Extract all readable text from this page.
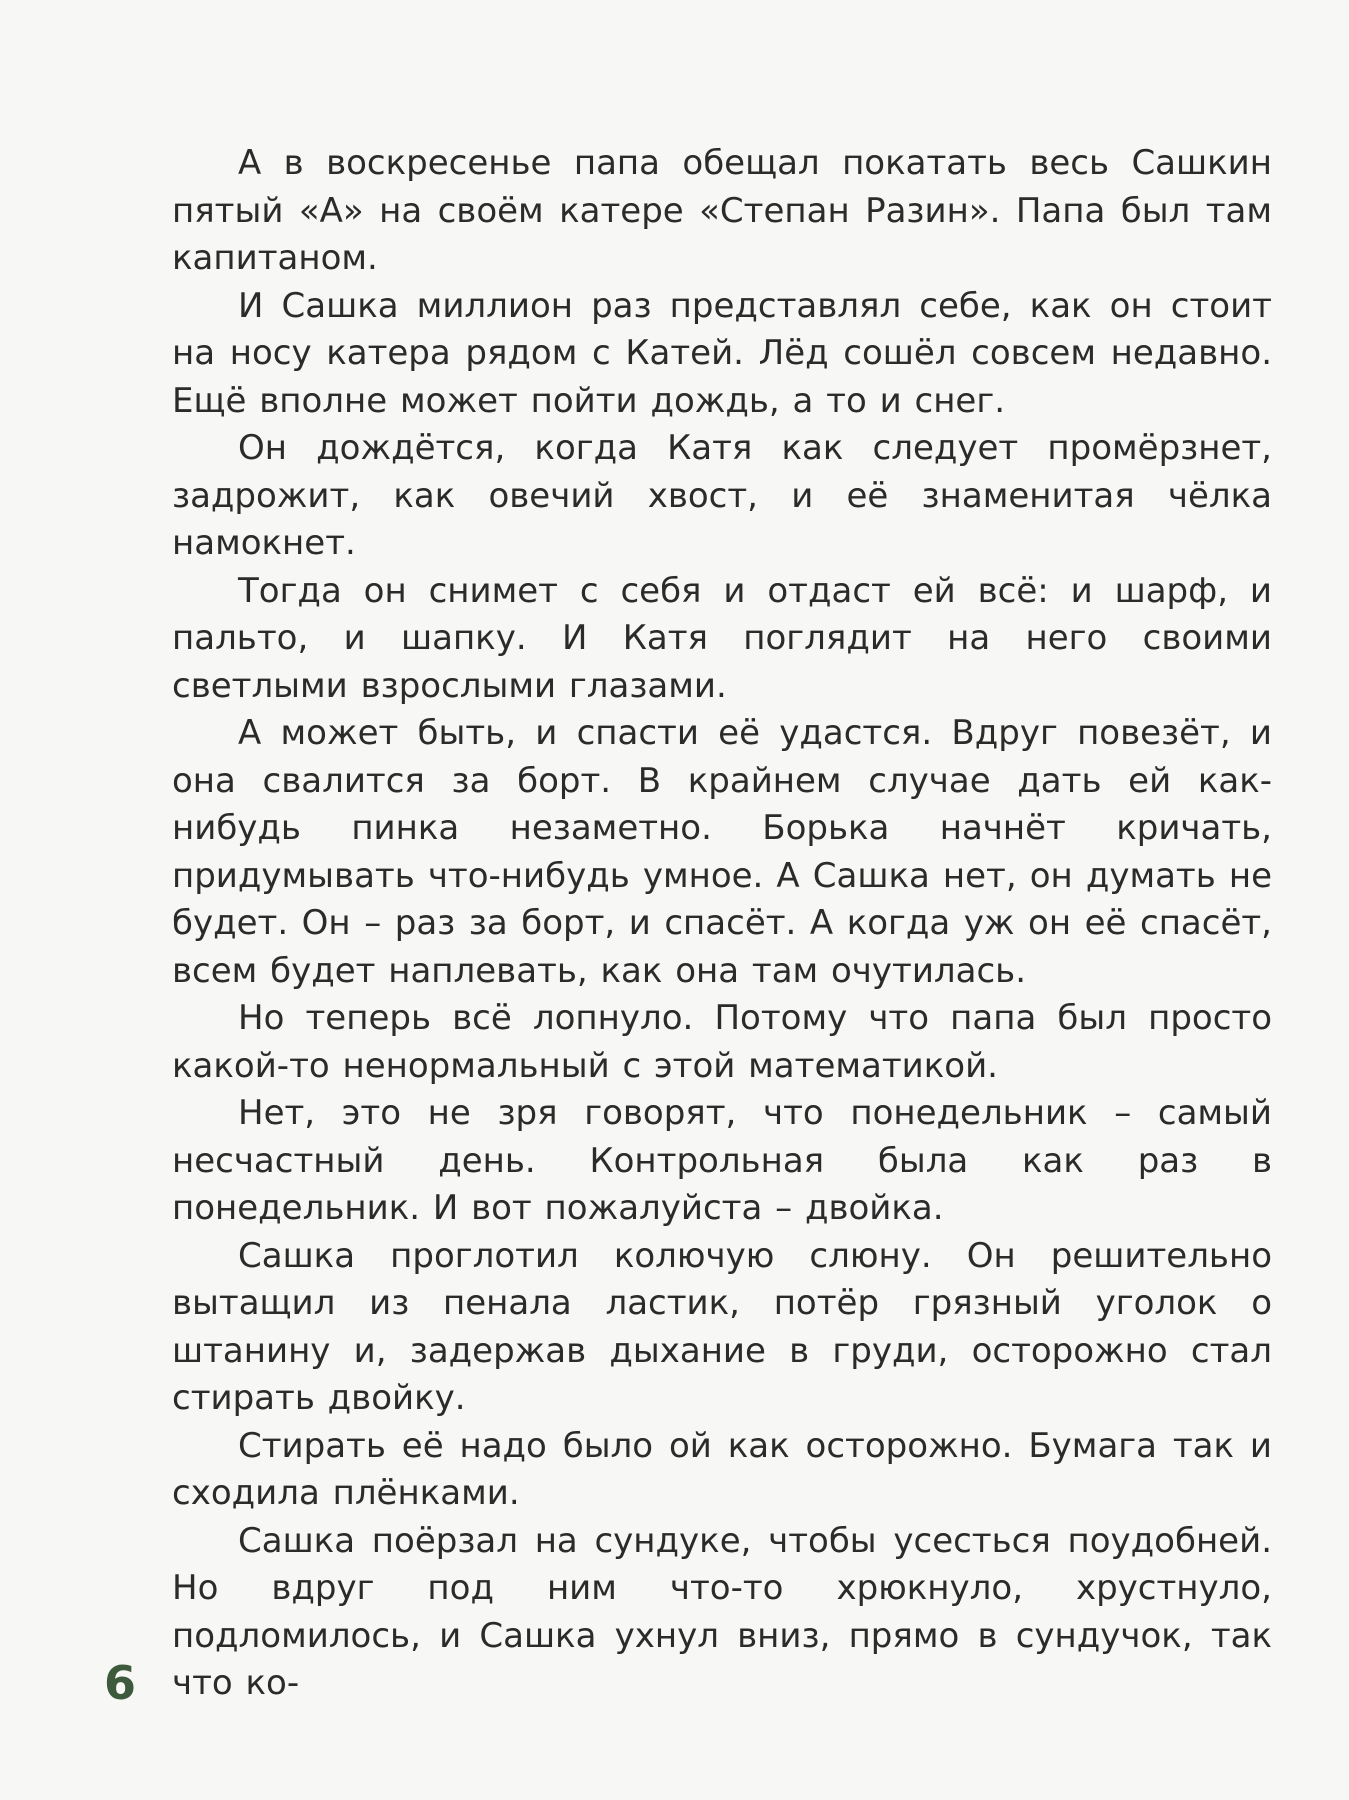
А в воскресенье папа обещал покатать весь Сашкин пятый «А» на своём катере «Степан Разин». Папа был там капитаном.

И Сашка миллион раз представлял себе, как он стоит на носу катера рядом с Катей. Лёд сошёл совсем недавно. Ещё вполне может пойти дождь, а то и снег.

Он дождётся, когда Катя как следует промёрзнет, задрожит, как овечий хвост, и её знаменитая чёлка намокнет.

Тогда он снимет с себя и отдаст ей всё: и шарф, и пальто, и шапку. И Катя поглядит на него своими светлыми взрослыми глазами.

А может быть, и спасти её удастся. Вдруг повезёт, и она свалится за борт. В крайнем случае дать ей как-нибудь пинка незаметно. Борька начнёт кричать, придумывать что-нибудь умное. А Сашка нет, он думать не будет. Он – раз за борт, и спасёт. А когда уж он её спасёт, всем будет наплевать, как она там очутилась.

Но теперь всё лопнуло. Потому что папа был просто какой-то ненормальный с этой математикой.

Нет, это не зря говорят, что понедельник – самый несчастный день. Контрольная была как раз в понедельник. И вот пожалуйста – двойка.

Сашка проглотил колючую слюну. Он решительно вытащил из пенала ластик, потёр грязный уголок о штанину и, задержав дыхание в груди, осторожно стал стирать двойку.

Стирать её надо было ой как осторожно. Бумага так и сходила плёнками.

Сашка поёрзал на сундуке, чтобы усесться поудобней. Но вдруг под ним что-то хрюкнуло, хрустнуло, подломилось, и Сашка ухнул вниз, прямо в сундучок, так что ко-

6
